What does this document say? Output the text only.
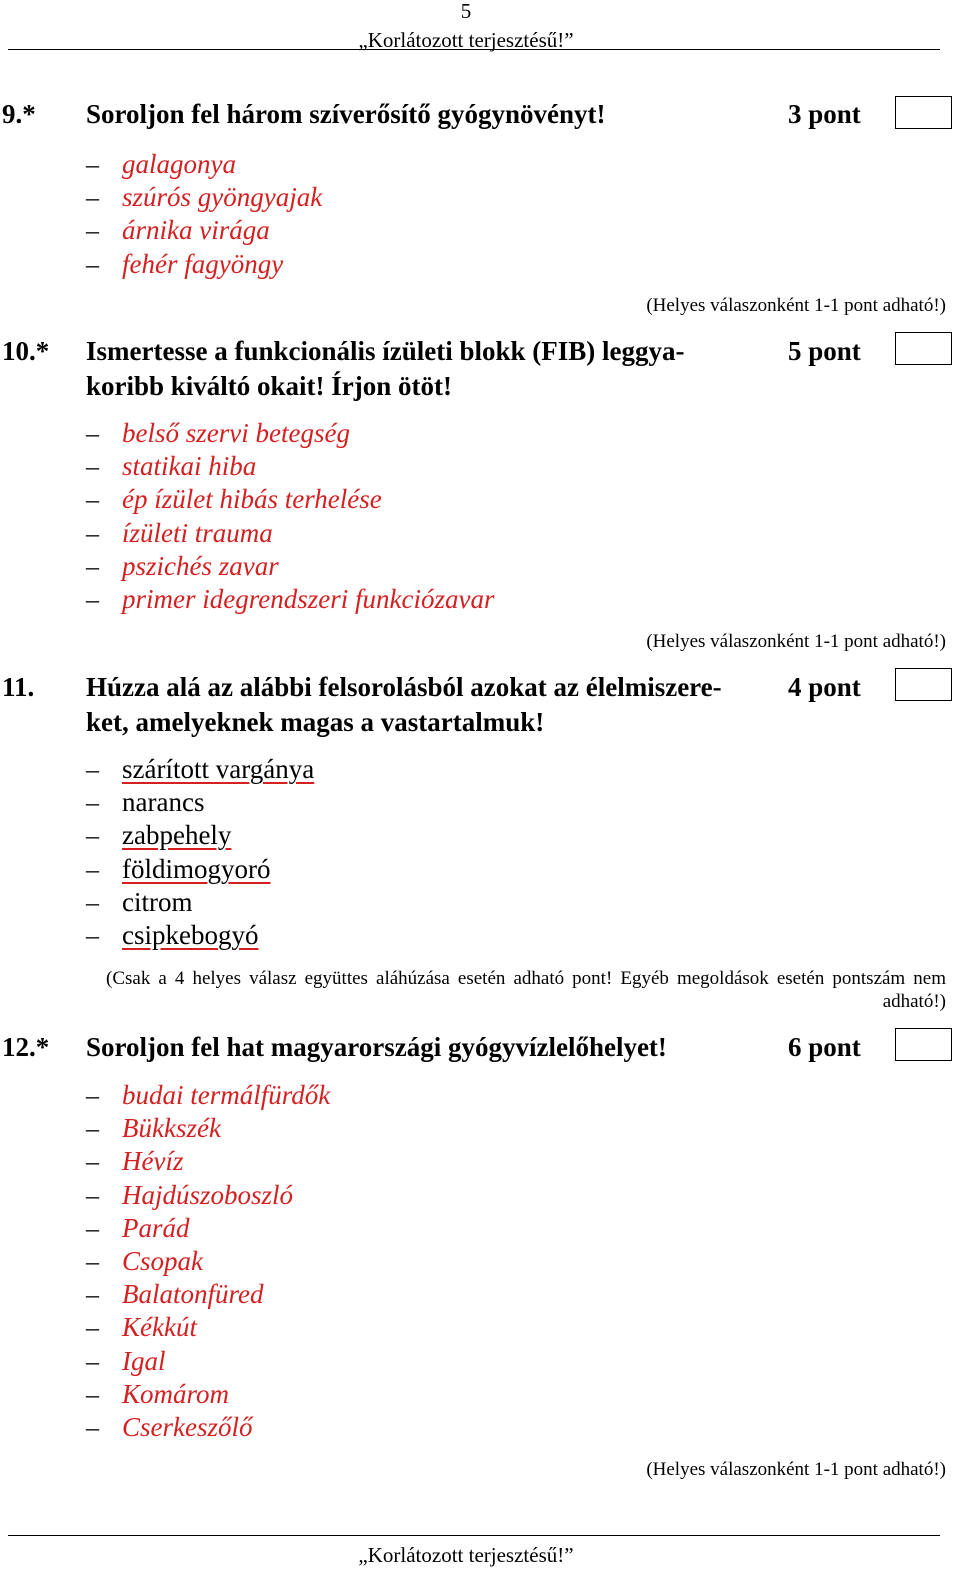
5
„Korlátozott terjesztésű!”
9.* Soroljon fel három szíverősítő gyógynövényt!	3 pont
– galagonya
– szúrós gyöngyajak
– árnika virága
– fehér fagyöngy
(Helyes válaszonként 1-1 pont adható!)
10.* Ismertesse a funkcionális ízületi blokk (FIB) leggya-
koribb kiváltó okait! Írjon ötöt!
5 pont
– belső szervi betegség
– statikai hiba
– ép ízület hibás terhelése
– ízületi trauma
– pszichés zavar
– primer idegrendszeri funkciózavar
(Helyes válaszonként 1-1 pont adható!)
11. Húzza alá az alábbi felsorolásból azokat az élelmiszere-
ket, amelyeknek magas a vastartalmuk!
4 pont
– szárított vargánya
– narancs
– zabpehely
– földimogyoró
– citrom
– csipkebogyó
(Csak a 4 helyes válasz együttes aláhúzása esetén adható pont! Egyéb megoldások esetén pontszám nem adható!)
12.* Soroljon fel hat magyarországi gyógyvízlelőhelyet!	6 pont
– budai termálfürdők
– Bükkszék
– Hévíz
– Hajdúszoboszló
– Parád
– Csopak
– Balatonfüred
– Kékkút
– Igal
– Komárom
– Cserkeszőlő
(Helyes válaszonként 1-1 pont adható!)
„Korlátozott terjesztésű!”
